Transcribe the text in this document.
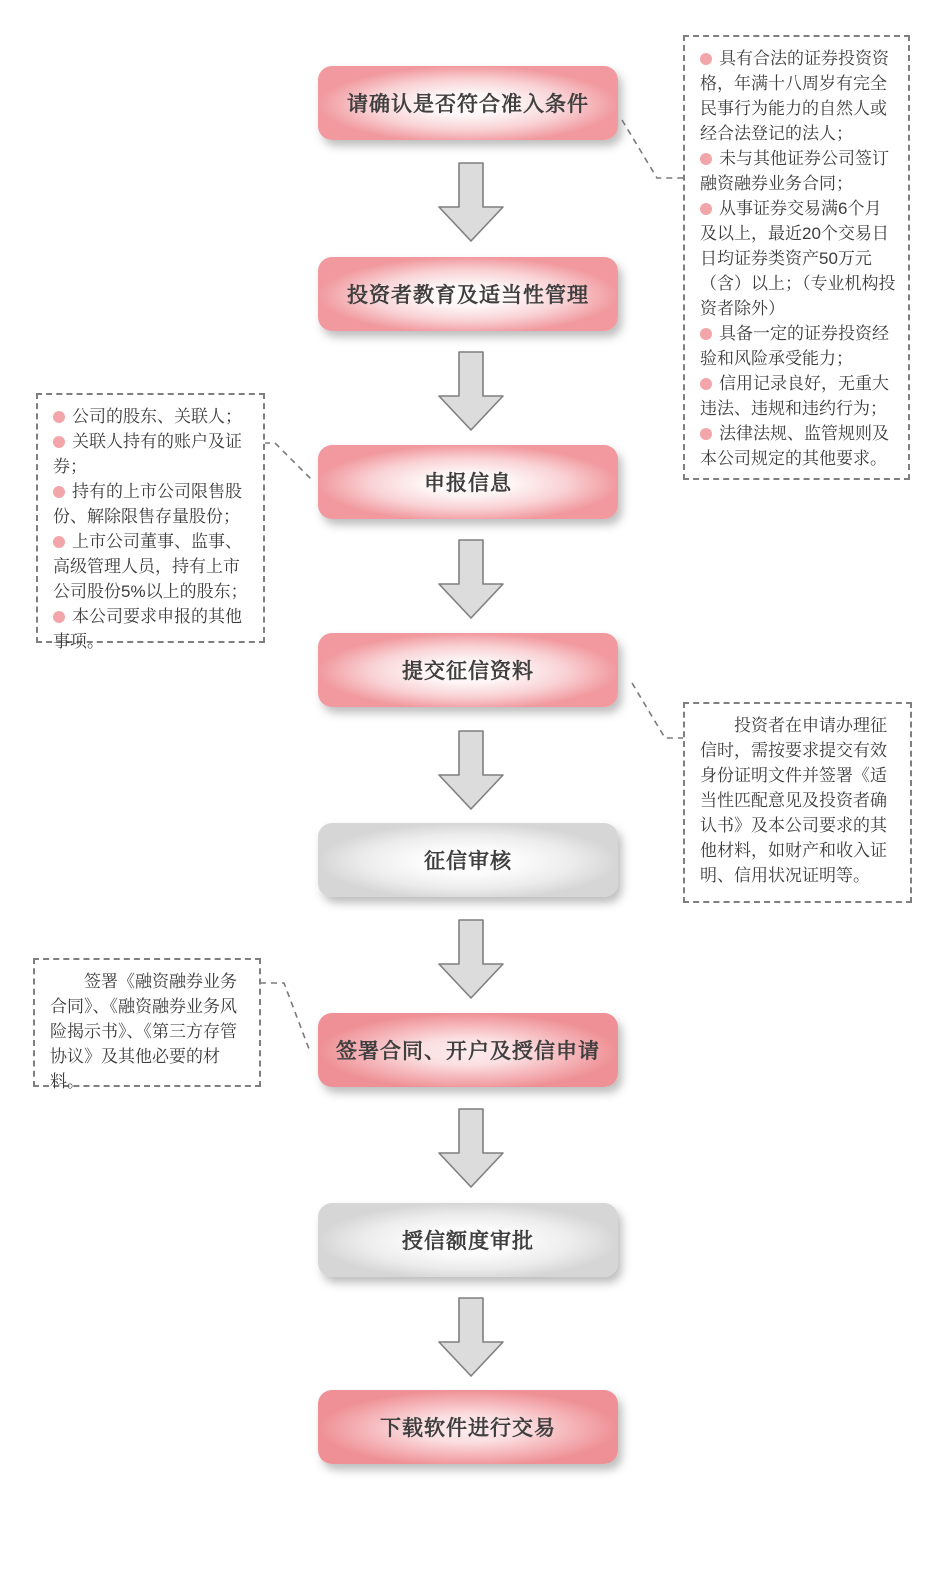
请确认是否符合准入条件
投资者教育及适当性管理
申报信息
提交征信资料
征信审核
签署合同、开户及授信申请
授信额度审批
下载软件进行交易
具有合法的证券投资资格，年满十八周岁有完全民事行为能力的自然人或经合法登记的法人；
未与其他证券公司签订融资融券业务合同；
从事证券交易满6个月及以上，最近20个交易日日均证券类资产50万元（含）以上；（专业机构投资者除外）
具备一定的证券投资经验和风险承受能力；
信用记录良好，无重大违法、违规和违约行为；
法律法规、监管规则及本公司规定的其他要求。
公司的股东、关联人；
关联人持有的账户及证券；
持有的上市公司限售股份、解除限售存量股份；
上市公司董事、监事、高级管理人员，持有上市公司股份5%以上的股东；
本公司要求申报的其他事项。

投资者在申请办理征信时，需按要求提交有效身份证明文件并签署《适当性匹配意见及投资者确认书》及本公司要求的其他材料，如财产和收入证明、信用状况证明等。

签署《融资融券业务合同》、《融资融券业务风险揭示书》、《第三方存管协议》及其他必要的材料。
